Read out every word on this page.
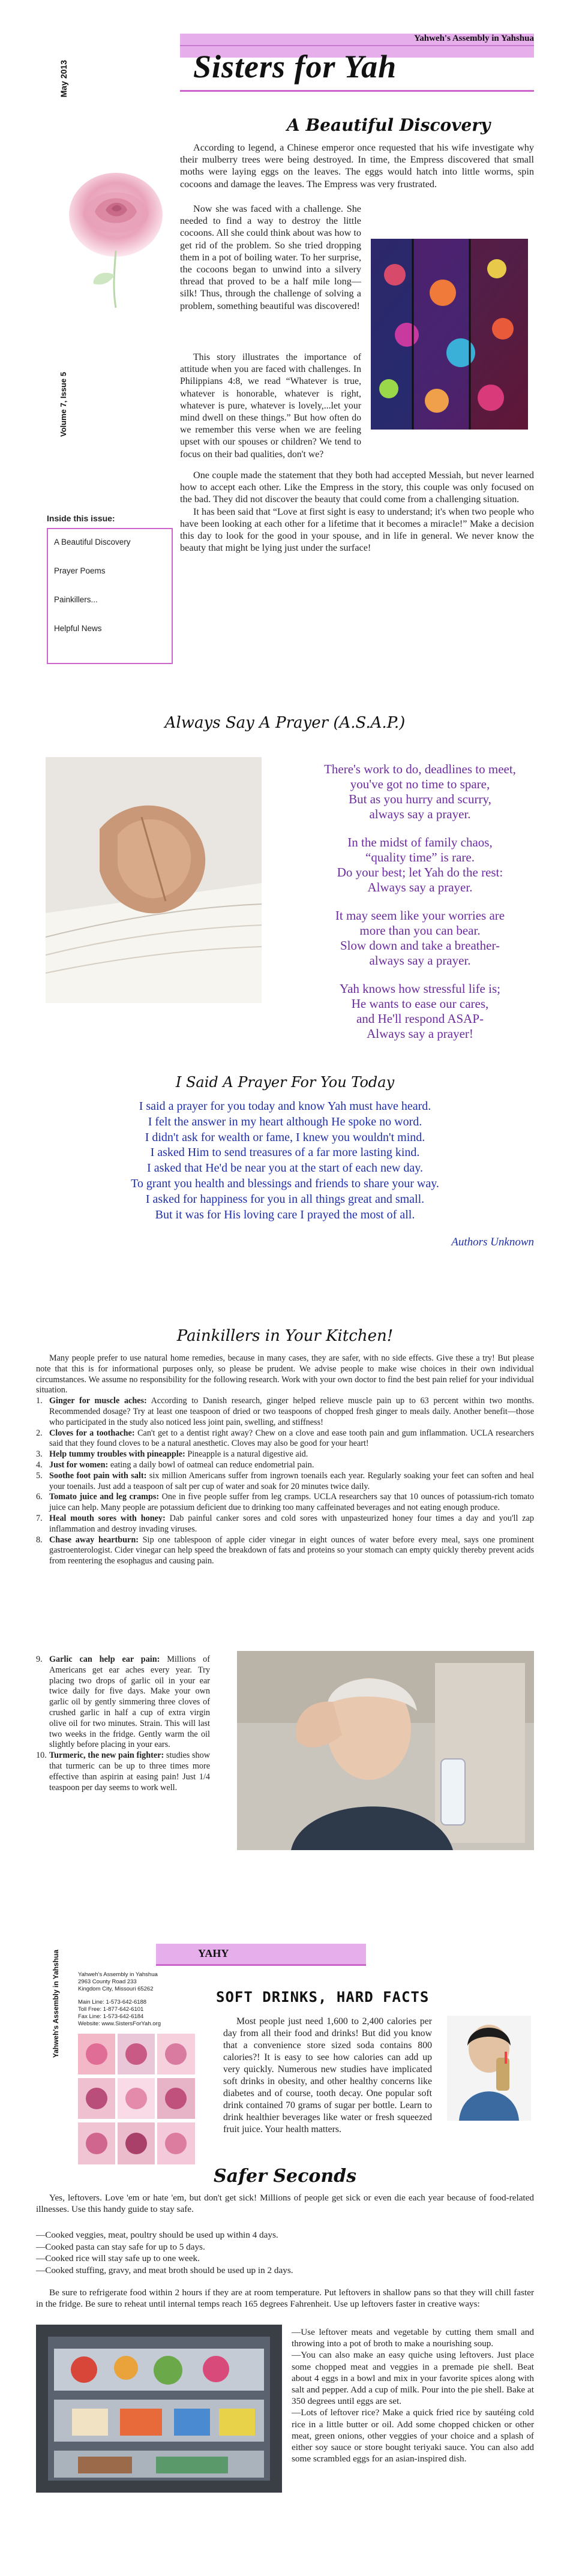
Yahweh's Assembly in Yahshua
Sisters for Yah
May 2013
Volume 7, Issue 5
Inside this issue:
A Beautiful Discovery
Prayer Poems
Painkillers...
Helpful News
A Beautiful Discovery

According to legend, a Chinese emperor once requested that his wife investigate why their mulberry trees were being destroyed. In time, the Empress discovered that small moths were laying eggs on the leaves. The eggs would hatch into little worms, spin cocoons and damage the leaves. The Empress was very frustrated.

Now she was faced with a challenge. She needed to find a way to destroy the little cocoons. All she could think about was how to get rid of the problem. So she tried dropping them in a pot of boiling water. To her surprise, the cocoons began to unwind into a silvery thread that proved to be a half mile long—silk! Thus, through the challenge of solving a problem, something beautiful was discovered!

This story illustrates the importance of attitude when you are faced with challenges. In Philippians 4:8, we read “Whatever is true, whatever is honorable, whatever is right, whatever is pure, whatever is lovely,...let your mind dwell on these things.” But how often do we remember this verse when we are feeling upset with our spouses or children? We tend to focus on their bad qualities, don't we?

One couple made the statement that they both had accepted Messiah, but never learned how to accept each other. Like the Empress in the story, this couple was only focused on the bad. They did not discover the beauty that could come from a challenging situation.

It has been said that “Love at first sight is easy to understand; it's when two people who have been looking at each other for a lifetime that it becomes a miracle!” Make a decision this day to look for the good in your spouse, and in life in general. We never know the beauty that might be lying just under the surface!

Always Say A Prayer (A.S.A.P.)

There's work to do, deadlines to meet,
you've got no time to spare,
But as you hurry and scurry,
always say a prayer.

In the midst of family chaos,
“quality time” is rare.
Do your best; let Yah do the rest:
Always say a prayer.

It may seem like your worries are
more than you can bear.
Slow down and take a breather-
always say a prayer.

Yah knows how stressful life is;
He wants to ease our cares,
and He'll respond ASAP-
Always say a prayer!

I Said A Prayer For You Today
I said a prayer for you today and know Yah must have heard.
I felt the answer in my heart although He spoke no word.
I didn't ask for wealth or fame, I knew you wouldn't mind.
I asked Him to send treasures of a far more lasting kind.
I asked that He'd be near you at the start of each new day.
To grant you health and blessings and friends to share your way.
I asked for happiness for you in all things great and small.
But it was for His loving care I prayed the most of all.
Authors Unknown
Painkillers in Your Kitchen!

Many people prefer to use natural home remedies, because in many cases, they are safer, with no side effects. Give these a try! But please note that this is for informational purposes only, so please be prudent. We advise people to make wise choices in their own individual circumstances. We assume no responsibility for the following research. Work with your own doctor to find the best pain relief for your individual situation.

1. Ginger for muscle aches: According to Danish research, ginger helped relieve muscle pain up to 63 percent within two months. Recommended dosage? Try at least one teaspoon of dried or two teaspoons of chopped fresh ginger to meals daily. Another benefit—those who participated in the study also noticed less joint pain, swelling, and stiffness!
2. Cloves for a toothache: Can't get to a dentist right away? Chew on a clove and ease tooth pain and gum inflammation. UCLA researchers said that they found cloves to be a natural anesthetic. Cloves may also be good for your heart!
3. Help tummy troubles with pineapple: Pineapple is a natural digestive aid.
4. Just for women: eating a daily bowl of oatmeal can reduce endometrial pain.
5. Soothe foot pain with salt: six million Americans suffer from ingrown toenails each year. Regularly soaking your feet can soften and heal your toenails. Just add a teaspoon of salt per cup of water and soak for 20 minutes twice daily.
6. Tomato juice and leg cramps: One in five people suffer from leg cramps. UCLA researchers say that 10 ounces of potassium-rich tomato juice can help. Many people are potassium deficient due to drinking too many caffeinated beverages and not eating enough produce.
7. Heal mouth sores with honey: Dab painful canker sores and cold sores with unpasteurized honey four times a day and you'll zap inflammation and destroy invading viruses.
8. Chase away heartburn: Sip one tablespoon of apple cider vinegar in eight ounces of water before every meal, says one prominent gastroenterologist. Cider vinegar can help speed the breakdown of fats and proteins so your stomach can empty quickly thereby prevent acids from reentering the esophagus and causing pain.
9. Garlic can help ear pain: Millions of Americans get ear aches every year. Try placing two drops of garlic oil in your ear twice daily for five days. Make your own garlic oil by gently simmering three cloves of crushed garlic in half a cup of extra virgin olive oil for two minutes. Strain. This will last two weeks in the fridge. Gently warm the oil slightly before placing in your ears.
10. Turmeric, the new pain fighter: studies show that turmeric can be up to three times more effective than aspirin at easing pain! Just 1/4 teaspoon per day seems to work well.
YAHY
Yahweh's Assembly in Yahshua	Yahweh's Assembly in Yahshua
2963 County Road 233
Kingdom City, Missouri 65262
Main Line: 1-573-642-6188
Toll Free: 1-877-642-6101
Fax Line: 1-573-642-6184
Website: www.SistersForYah.org
SOFT DRINKS, HARD FACTS

Most people just need 1,600 to 2,400 calories per day from all their food and drinks! But did you know that a convenience store sized soda contains 800 calories?! It is easy to see how calories can add up very quickly. Numerous new studies have implicated soft drinks in obesity, and other healthy concerns like diabetes and of course, tooth decay. One popular soft drink contained 70 grams of sugar per bottle. Learn to drink healthier beverages like water or fresh squeezed fruit juice. Your health matters.

Safer Seconds

Yes, leftovers. Love 'em or hate 'em, but don't get sick! Millions of people get sick or even die each year because of food-related illnesses. Use this handy guide to stay safe.

—Cooked veggies, meat, poultry should be used up within 4 days.
—Cooked pasta can stay safe for up to 5 days.
—Cooked rice will stay safe up to one week.
—Cooked stuffing, gravy, and meat broth should be used up in 2 days.

Be sure to refrigerate food within 2 hours if they are at room temperature. Put leftovers in shallow pans so that they will chill faster in the fridge. Be sure to reheat until internal temps reach 165 degrees Fahrenheit. Use up leftovers faster in creative ways:

—Use leftover meats and vegetable by cutting them small and throwing into a pot of broth to make a nourishing soup.

—You can also make an easy quiche using leftovers. Just place some chopped meat and veggies in a premade pie shell. Beat about 4 eggs in a bowl and mix in your favorite spices along with salt and pepper. Add a cup of milk. Pour into the pie shell. Bake at 350 degrees until eggs are set.

—Lots of leftover rice? Make a quick fried rice by sautéing cold rice in a little butter or oil. Add some chopped chicken or other meat, green onions, other veggies of your choice and a splash of either soy sauce or store bought teriyaki sauce. You can also add some scrambled eggs for an asian-inspired dish.
